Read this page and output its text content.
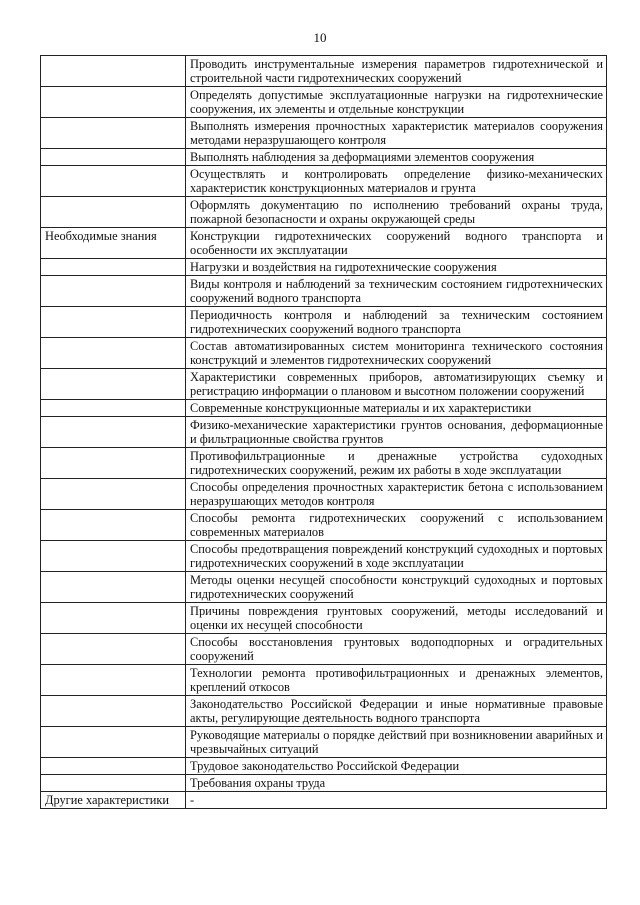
10
	Проводить инструментальные измерения параметров гидротехнической и строительной части гидротехнических сооружений
	Определять допустимые эксплуатационные нагрузки на гидротехнические сооружения, их элементы и отдельные конструкции
	Выполнять измерения прочностных характеристик материалов сооружения методами неразрушающего контроля
	Выполнять наблюдения за деформациями элементов сооружения
	Осуществлять и контролировать определение физико-механических характеристик конструкционных материалов и грунта
	Оформлять документацию по исполнению требований охраны труда, пожарной безопасности и охраны окружающей среды
Необходимые знания	Конструкции гидротехнических сооружений водного транспорта и особенности их эксплуатации
	Нагрузки и воздействия на гидротехнические сооружения
	Виды контроля и наблюдений за техническим состоянием гидротехнических сооружений водного транспорта
	Периодичность контроля и наблюдений за техническим состоянием гидротехнических сооружений водного транспорта
	Состав автоматизированных систем мониторинга технического состояния конструкций и элементов гидротехнических сооружений
	Характеристики современных приборов, автоматизирующих съемку и регистрацию информации о плановом и высотном положении сооружений
	Современные конструкционные материалы и их характеристики
	Физико-механические характеристики грунтов основания, деформационные и фильтрационные свойства грунтов
	Противофильтрационные и дренажные устройства судоходных гидротехнических сооружений, режим их работы в ходе эксплуатации
	Способы определения прочностных характеристик бетона с использованием неразрушающих методов контроля
	Способы ремонта гидротехнических сооружений с использованием современных материалов
	Способы предотвращения повреждений конструкций судоходных и портовых гидротехнических сооружений в ходе эксплуатации
	Методы оценки несущей способности конструкций судоходных и портовых гидротехнических сооружений
	Причины повреждения грунтовых сооружений, методы исследований и оценки их несущей способности
	Способы восстановления грунтовых водоподпорных и оградительных сооружений
	Технологии ремонта противофильтрационных и дренажных элементов, креплений откосов
	Законодательство Российской Федерации и иные нормативные правовые акты, регулирующие деятельность водного транспорта
	Руководящие материалы о порядке действий при возникновении аварийных и чрезвычайных ситуаций
	Трудовое законодательство Российской Федерации
	Требования охраны труда
Другие характеристики	-
